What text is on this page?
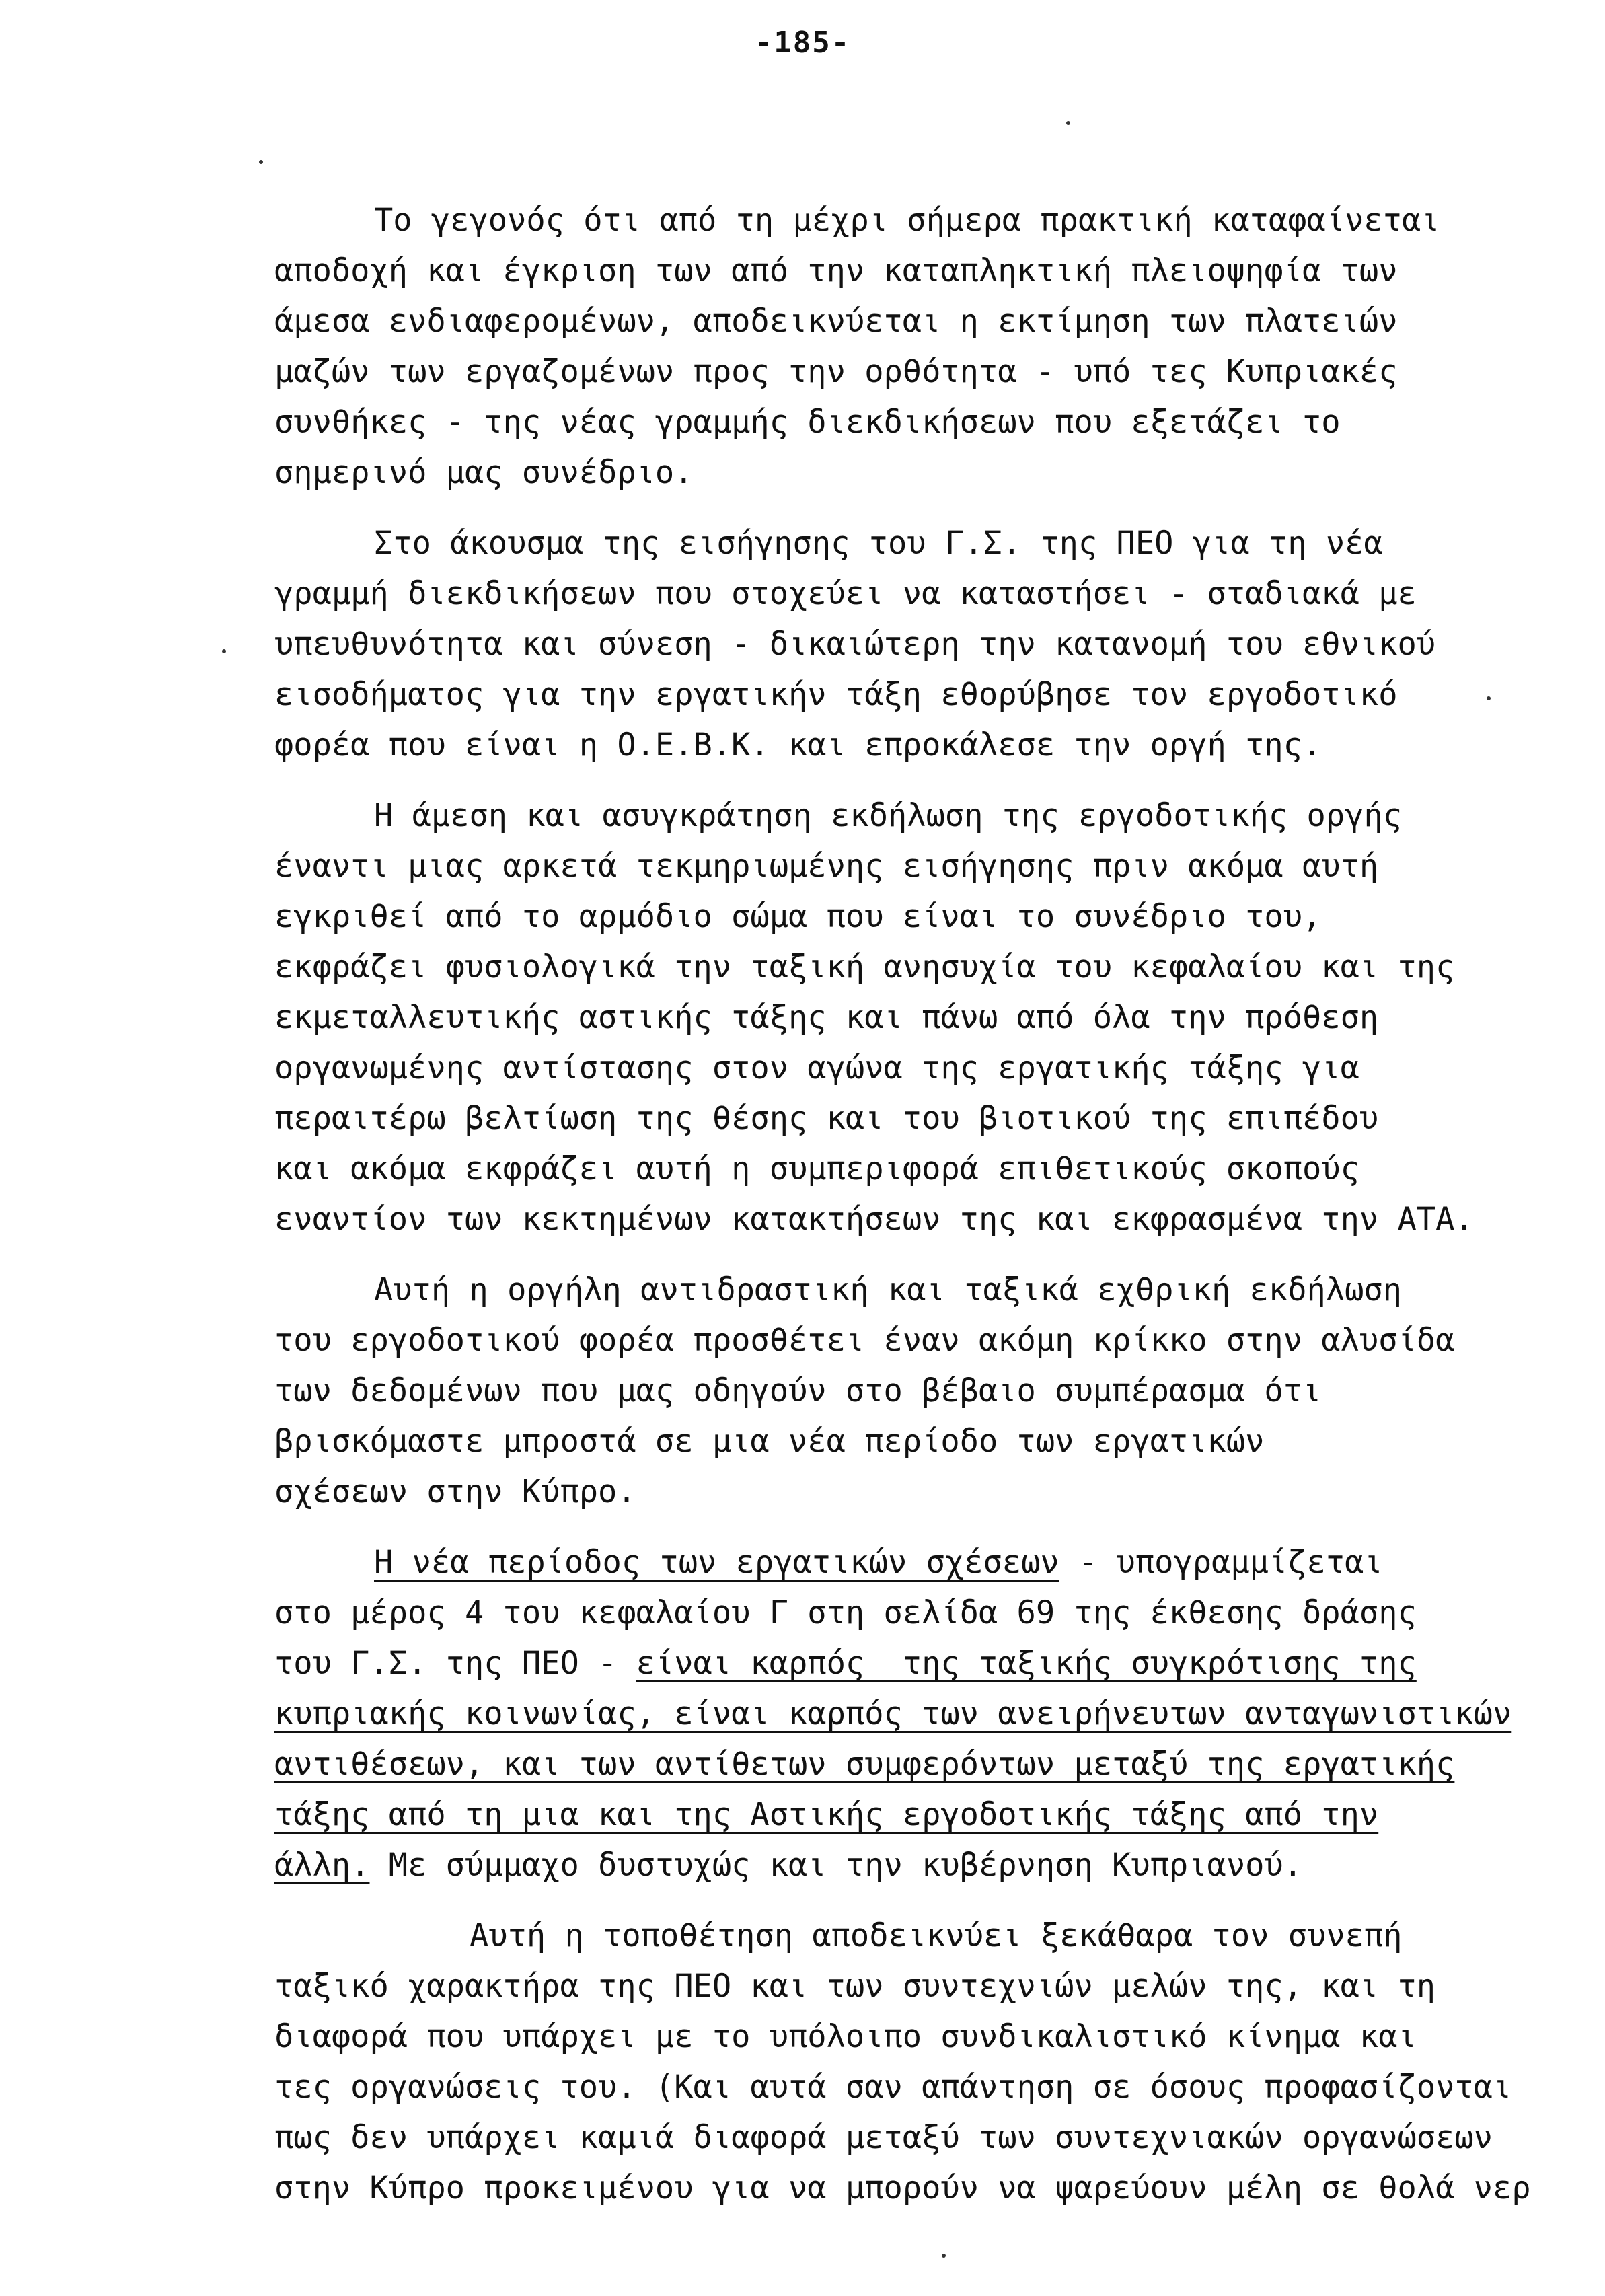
-185-
Το γεγονός ότι από τη μέχρι σήμερα πρακτική καταφαίνεται
αποδοχή και έγκριση των από την καταπληκτική πλειοψηφία των
άμεσα ενδιαφερομένων, αποδεικνύεται η εκτίμηση των πλατειών
μαζών των εργαζομένων προς την ορθότητα - υπό τες Κυπριακές
συνθήκες - της νέας γραμμής διεκδικήσεων που εξετάζει το
σημερινό μας συνέδριο.
Στο άκουσμα της εισήγησης του Γ.Σ. της ΠΕΟ για τη νέα
γραμμή διεκδικήσεων που στοχεύει να καταστήσει - σταδιακά με
υπευθυνότητα και σύνεση - δικαιώτερη την κατανομή του εθνικού
εισοδήματος για την εργατικήν τάξη εθορύβησε τον εργοδοτικό
φορέα που είναι η Ο.Ε.Β.Κ. και επροκάλεσε την οργή της.
Η άμεση και ασυγκράτηση εκδήλωση της εργοδοτικής οργής
έναντι μιας αρκετά τεκμηριωμένης εισήγησης πριν ακόμα αυτή
εγκριθεί από το αρμόδιο σώμα που είναι το συνέδριο του,
εκφράζει φυσιολογικά την ταξική ανησυχία του κεφαλαίου και της
εκμεταλλευτικής αστικής τάξης και πάνω από όλα την πρόθεση
οργανωμένης αντίστασης στον αγώνα της εργατικής τάξης για
περαιτέρω βελτίωση της θέσης και του βιοτικού της επιπέδου
και ακόμα εκφράζει αυτή η συμπεριφορά επιθετικούς σκοπούς
εναντίον των κεκτημένων κατακτήσεων της και εκφρασμένα την ΑΤΑ.
Αυτή η οργήλη αντιδραστική και ταξικά εχθρική εκδήλωση
του εργοδοτικού φορέα προσθέτει έναν ακόμη κρίκκο στην αλυσίδα
των δεδομένων που μας οδηγούν στο βέβαιο συμπέρασμα ότι
βρισκόμαστε μπροστά σε μια νέα περίοδο των εργατικών
σχέσεων στην Κύπρο.
Η νέα περίοδος των εργατικών σχέσεων - υπογραμμίζεται
στο μέρος 4 του κεφαλαίου Γ στη σελίδα 69 της έκθεσης δράσης
του Γ.Σ. της ΠΕΟ - είναι καρπός  της ταξικής συγκρότισης της
κυπριακής κοινωνίας, είναι καρπός των ανειρήνευτων ανταγωνιστικών
αντιθέσεων, και των αντίθετων συμφερόντων μεταξύ της εργατικής
τάξης από τη μια και της Αστικής εργοδοτικής τάξης από την
άλλη. Με σύμμαχο δυστυχώς και την κυβέρνηση Κυπριανού.
Αυτή η τοποθέτηση αποδεικνύει ξεκάθαρα τον συνεπή
ταξικό χαρακτήρα της ΠΕΟ και των συντεχνιών μελών της, και τη
διαφορά που υπάρχει με το υπόλοιπο συνδικαλιστικό κίνημα και
τες οργανώσεις του. (Και αυτά σαν απάντηση σε όσους προφασίζονται
πως δεν υπάρχει καμιά διαφορά μεταξύ των συντεχνιακών οργανώσεων
στην Κύπρο προκειμένου για να μπορούν να ψαρεύουν μέλη σε θολά νερ
